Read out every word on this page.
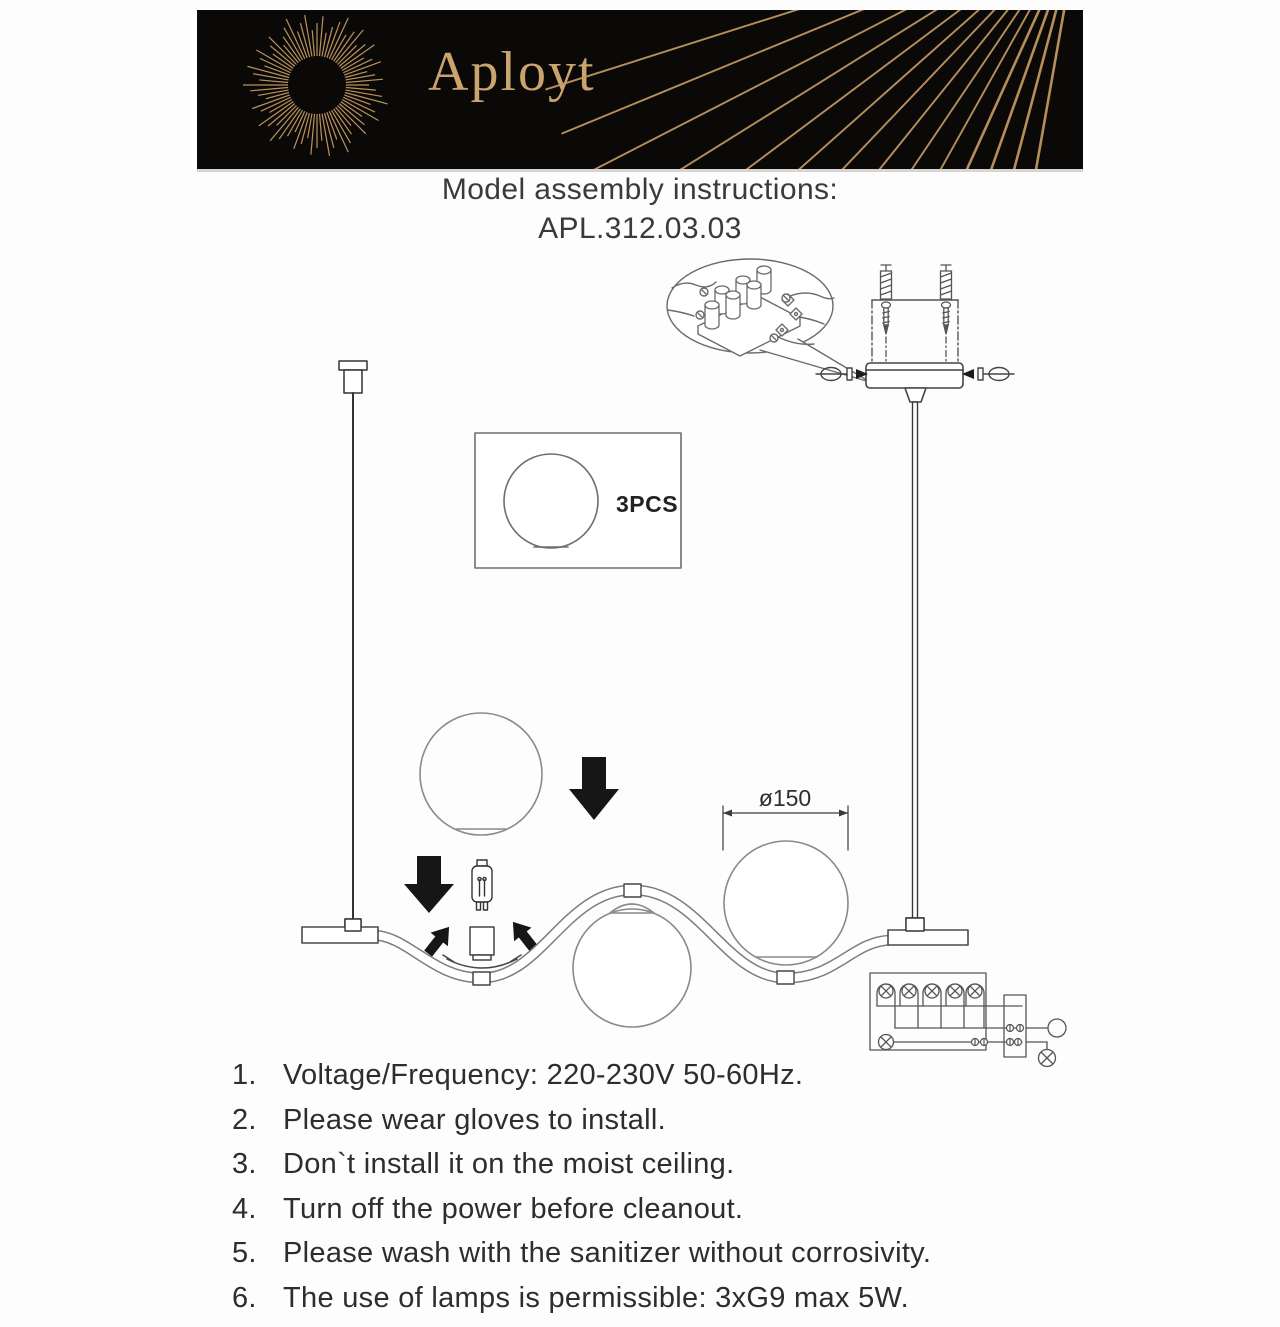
Aployt
Model assembly instructions:
APL.312.03.03
3PCS
ø150
1. Voltage/Frequency: 220-230V 50-60Hz.
2. Please wear gloves to install.
3. Don`t install it on the moist ceiling.
4. Turn off the power before cleanout.
5. Please wash with the sanitizer without corrosivity.
6. The use of lamps is permissible: 3xG9 max 5W.
